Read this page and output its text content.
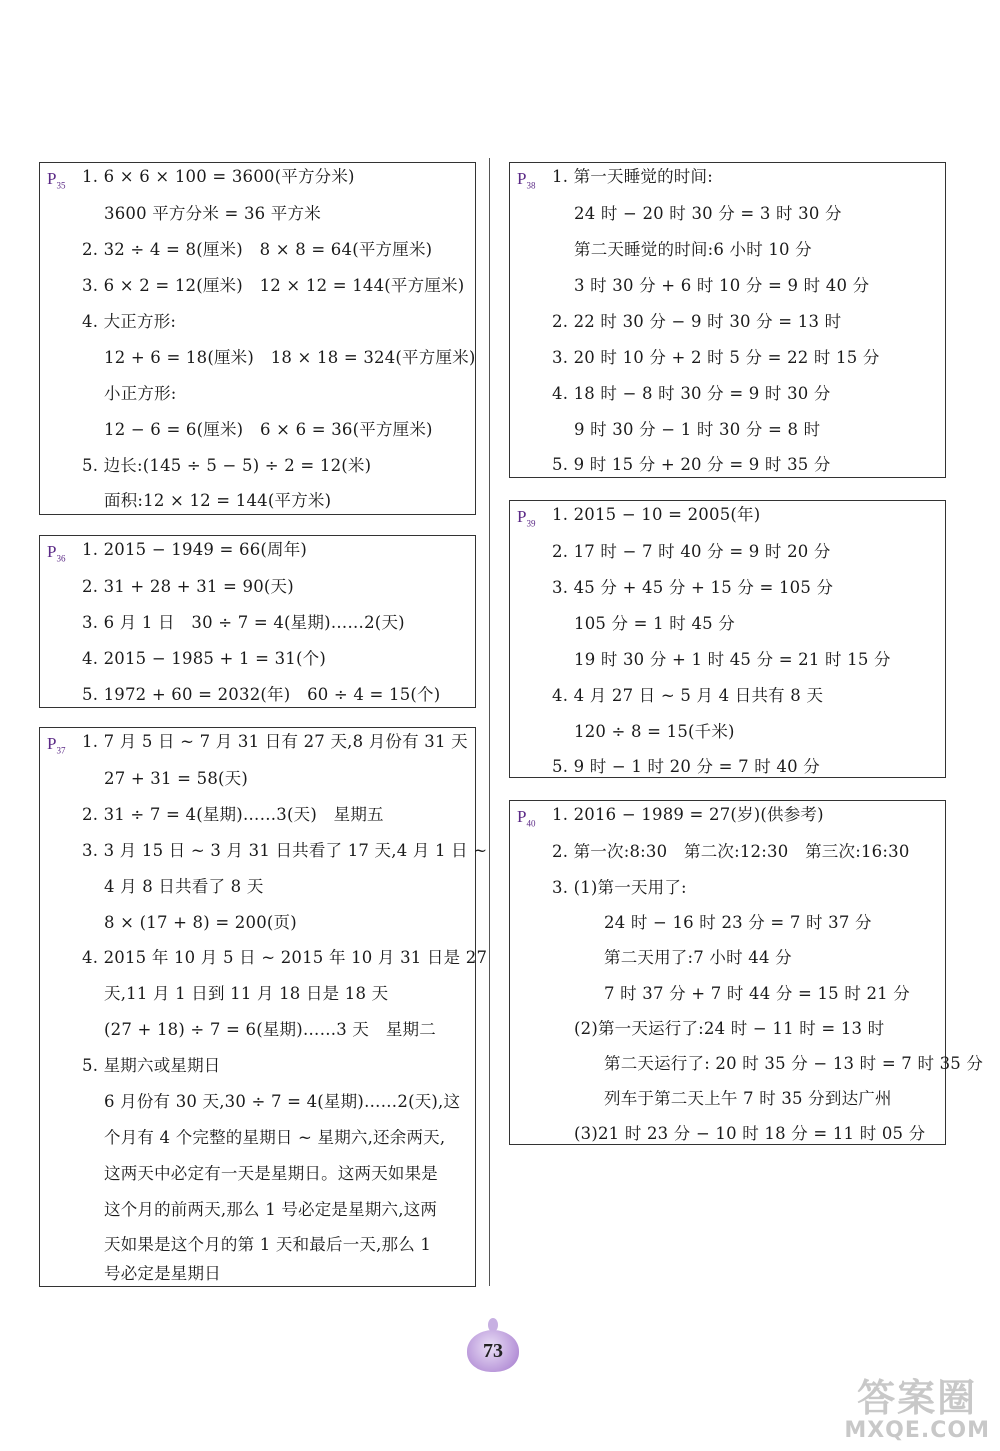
$P_{35}$ 1. 6 × 6 × 100 = 3600(平方分米)
3600 平方分米 = 36 平方米
2. 32 ÷ 4 = 8(厘米)　8 × 8 = 64(平方厘米)
3. 6 × 2 = 12(厘米)　12 × 12 = 144(平方厘米)
4. 大正方形:
12 + 6 = 18(厘米)　18 × 18 = 324(平方厘米)
小正方形:
12 − 6 = 6(厘米)　6 × 6 = 36(平方厘米)
5. 边长:(145 ÷ 5 − 5) ÷ 2 = 12(米)
面积:12 × 12 = 144(平方米)
$P_{36}$ 1. 2015 − 1949 = 66(周年)
2. 31 + 28 + 31 = 90(天)
3. 6 月 1 日　30 ÷ 7 = 4(星期)……2(天)
4. 2015 − 1985 + 1 = 31(个)
5. 1972 + 60 = 2032(年)　60 ÷ 4 = 15(个)
$P_{37}$ 1. 7 月 5 日 ~ 7 月 31 日有 27 天,8 月份有 31 天
27 + 31 = 58(天)
2. 31 ÷ 7 = 4(星期)……3(天)　星期五
3. 3 月 15 日 ~ 3 月 31 日共看了 17 天,4 月 1 日 ~
4 月 8 日共看了 8 天
8 × (17 + 8) = 200(页)
4. 2015 年 10 月 5 日 ~ 2015 年 10 月 31 日是 27
天,11 月 1 日到 11 月 18 日是 18 天
(27 + 18) ÷ 7 = 6(星期)……3 天　星期二
5. 星期六或星期日
6 月份有 30 天,30 ÷ 7 = 4(星期)……2(天),这
个月有 4 个完整的星期日 ~ 星期六,还余两天,
这两天中必定有一天是星期日。这两天如果是
这个月的前两天,那么 1 号必定是星期六,这两
天如果是这个月的第 1 天和最后一天,那么 1
号必定是星期日
$P_{38}$ 1. 第一天睡觉的时间:
24 时 − 20 时 30 分 = 3 时 30 分
第二天睡觉的时间:6 小时 10 分
3 时 30 分 + 6 时 10 分 = 9 时 40 分
2. 22 时 30 分 − 9 时 30 分 = 13 时
3. 20 时 10 分 + 2 时 5 分 = 22 时 15 分
4. 18 时 − 8 时 30 分 = 9 时 30 分
9 时 30 分 − 1 时 30 分 = 8 时
5. 9 时 15 分 + 20 分 = 9 时 35 分
$P_{39}$ 1. 2015 − 10 = 2005(年)
2. 17 时 − 7 时 40 分 = 9 时 20 分
3. 45 分 + 45 分 + 15 分 = 105 分
105 分 = 1 时 45 分
19 时 30 分 + 1 时 45 分 = 21 时 15 分
4. 4 月 27 日 ~ 5 月 4 日共有 8 天
120 ÷ 8 = 15(千米)
5. 9 时 − 1 时 20 分 = 7 时 40 分
$P_{40}$ 1. 2016 − 1989 = 27(岁)(供参考)
2. 第一次:8:30　第二次:12:30　第三次:16:30
3. (1)第一天用了:
24 时 − 16 时 23 分 = 7 时 37 分
第二天用了:7 小时 44 分
7 时 37 分 + 7 时 44 分 = 15 时 21 分
(2)第一天运行了:24 时 − 11 时 = 13 时
第二天运行了: 20 时 35 分 − 13 时 = 7 时 35 分
列车于第二天上午 7 时 35 分到达广州
(3)21 时 23 分 − 10 时 18 分 = 11 时 05 分
73
答案圈
MXQE.COM
